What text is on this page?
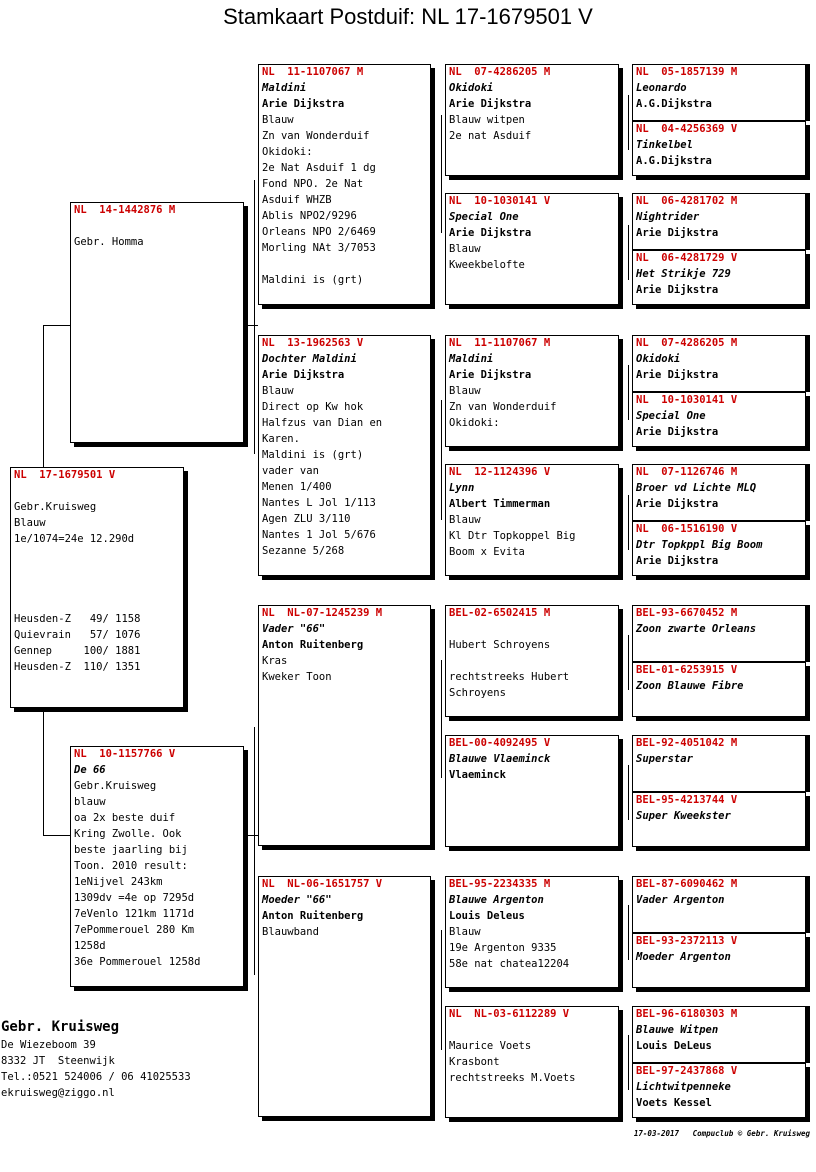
Stamkaart Postduif: NL 17-1679501 V
NL  17-1679501 V
Gebr.Kruisweg
Blauw
1e/1074=24e 12.290d
Heusden-Z   49/ 1158
Quievrain   57/ 1076
Gennep     100/ 1881
Heusden-Z  110/ 1351
NL  14-1442876 M
Gebr. Homma
NL  10-1157766 V
De 66
Gebr.Kruisweg
blauw
oa 2x beste duif
Kring Zwolle. Ook
beste jaarling bij
Toon. 2010 result:
1eNijvel 243km
1309dv =4e op 7295d
7eVenlo 121km 1171d
7ePommerouel 280 Km
1258d
36e Pommerouel 1258d
NL  11-1107067 M
Maldini
Arie Dijkstra
Blauw
Zn van Wonderduif
Okidoki:
2e Nat Asduif 1 dg
Fond NPO. 2e Nat
Asduif WHZB
Ablis NPO2/9296
Orleans NPO 2/6469
Morling NAt 3/7053
Maldini is (grt)
NL  13-1962563 V
Dochter Maldini
Arie Dijkstra
Blauw
Direct op Kw hok
Halfzus van Dian en
Karen.
Maldini is (grt)
vader van
Menen 1/400
Nantes L Jol 1/113
Agen ZLU 3/110
Nantes 1 Jol 5/676
Sezanne 5/268
NL  NL-07-1245239 M
Vader "66"
Anton Ruitenberg
Kras
Kweker Toon
NL  NL-06-1651757 V
Moeder "66"
Anton Ruitenberg
Blauwband
NL  07-4286205 M
Okidoki
Arie Dijkstra
Blauw witpen
2e nat Asduif
NL  10-1030141 V
Special One
Arie Dijkstra
Blauw
Kweekbelofte
NL  11-1107067 M
Maldini
Arie Dijkstra
Blauw
Zn van Wonderduif
Okidoki:
NL  12-1124396 V
Lynn
Albert Timmerman
Blauw
Kl Dtr Topkoppel Big
Boom x Evita
BEL-02-6502415 M
Hubert Schroyens
rechtstreeks Hubert
Schroyens
BEL-00-4092495 V
Blauwe Vlaeminck
Vlaeminck
BEL-95-2234335 M
Blauwe Argenton
Louis Deleus
Blauw
19e Argenton 9335
58e nat chatea12204
NL  NL-03-6112289 V
Maurice Voets
Krasbont
rechtstreeks M.Voets
NL  05-1857139 M
Leonardo
A.G.Dijkstra
NL  04-4256369 V
Tinkelbel
A.G.Dijkstra
NL  06-4281702 M
Nightrider
Arie Dijkstra
NL  06-4281729 V
Het Strikje 729
Arie Dijkstra
NL  07-4286205 M
Okidoki
Arie Dijkstra
NL  10-1030141 V
Special One
Arie Dijkstra
NL  07-1126746 M
Broer vd Lichte MLQ
Arie Dijkstra
NL  06-1516190 V
Dtr Topkppl Big Boom
Arie Dijkstra
BEL-93-6670452 M
Zoon zwarte Orleans
BEL-01-6253915 V
Zoon Blauwe Fibre
BEL-92-4051042 M
Superstar
BEL-95-4213744 V
Super Kweekster
BEL-87-6090462 M
Vader Argenton
BEL-93-2372113 V
Moeder Argenton
BEL-96-6180303 M
Blauwe Witpen
Louis DeLeus
BEL-97-2437868 V
Lichtwitpenneke
Voets Kessel
Gebr. Kruisweg
De Wiezeboom 39
8332 JT  Steenwijk
Tel.:0521 524006 / 06 41025533
ekruisweg@ziggo.nl
17-03-2017   Compuclub © Gebr. Kruisweg
